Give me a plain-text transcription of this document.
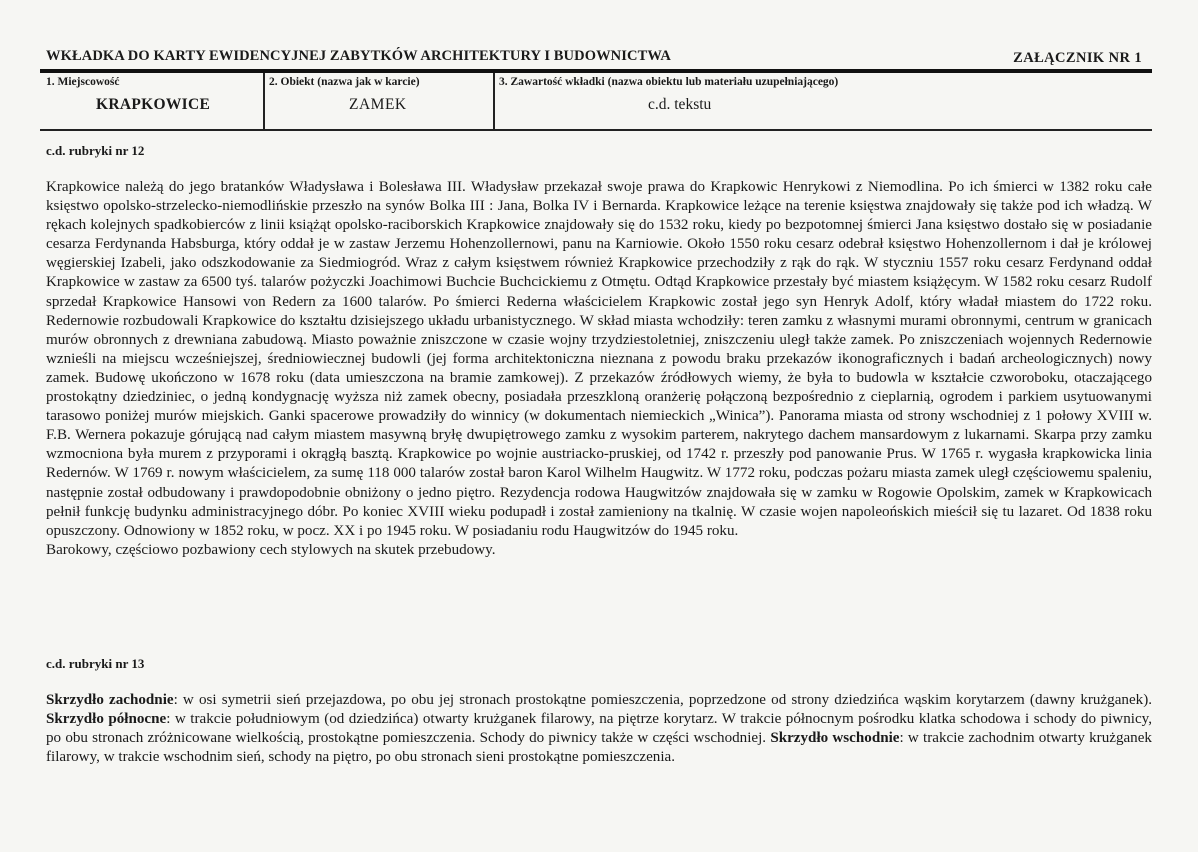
WKŁADKA DO KARTY EWIDENCYJNEJ ZABYTKÓW ARCHITEKTURY I BUDOWNICTWA	ZAŁĄCZNIK NR 1
1. Miejscowość
KRAPKOWICE
2. Obiekt (nazwa jak w karcie)
ZAMEK
3. Zawartość wkładki (nazwa obiektu lub materiału uzupełniającego)
c.d. tekstu
c.d. rubryki nr 12

Krapkowice należą do jego bratanków Władysława i Bolesława III. Władysław przekazał swoje prawa do Krapkowic Henrykowi z Niemodlina. Po ich śmierci w 1382 roku całe księstwo opolsko-strzelecko-niemodlińskie przeszło na synów Bolka III : Jana, Bolka IV i Bernarda. Krapkowice leżące na terenie księstwa znajdowały się także pod ich władzą. W rękach kolejnych spadkobierców z linii książąt opolsko-raciborskich Krapkowice znajdowały się do 1532 roku, kiedy po bezpotomnej śmierci Jana księstwo dostało się w posiadanie cesarza Ferdynanda Habsburga, który oddał je w zastaw Jerzemu Hohenzollernowi, panu na Karniowie. Około 1550 roku cesarz odebrał księstwo Hohenzollernom i dał je królowej węgierskiej Izabeli, jako odszkodowanie za Siedmiogród. Wraz z całym księstwem również Krapkowice przechodziły z rąk do rąk. W styczniu 1557 roku cesarz Ferdynand oddał Krapkowice w zastaw za 6500 tyś. talarów pożyczki Joachimowi Buchcie Buchcickiemu z Otmętu. Odtąd Krapkowice przestały być miastem książęcym. W 1582 roku cesarz Rudolf sprzedał Krapkowice Hansowi von Redern za 1600 talarów. Po śmierci Rederna właścicielem Krapkowic został jego syn Henryk Adolf, który władał miastem do 1722 roku. Redernowie rozbudowali Krapkowice do kształtu dzisiejszego układu urbanistycznego. W skład miasta wchodziły: teren zamku z własnymi murami obronnymi, centrum w granicach murów obronnych z drewniana zabudową. Miasto poważnie zniszczone w czasie wojny trzydziestoletniej, zniszczeniu uległ także zamek. Po zniszczeniach wojennych Redernowie wznieśli na miejscu wcześniejszej, średniowiecznej budowli (jej forma architektoniczna nieznana z powodu braku przekazów ikonograficznych i badań archeologicznych) nowy zamek. Budowę ukończono w 1678 roku (data umieszczona na bramie zamkowej). Z przekazów źródłowych wiemy, że była to budowla w kształcie czworoboku, otaczającego prostokątny dziedziniec, o jedną kondygnację wyższa niż zamek obecny, posiadała przeszkloną oranżerię połączoną bezpośrednio z cieplarnią, ogrodem i parkiem usytuowanymi tarasowo poniżej murów miejskich. Ganki spacerowe prowadziły do winnicy (w dokumentach niemieckich „Winica”). Panorama miasta od strony wschodniej z 1 połowy XVIII w. F.B. Wernera pokazuje górującą nad całym miastem masywną bryłę dwupiętrowego zamku z wysokim parterem, nakrytego dachem mansardowym z lukarnami. Skarpa przy zamku wzmocniona była murem z przyporami i okrągłą basztą. Krapkowice po wojnie austriacko-pruskiej, od 1742 r. przeszły pod panowanie Prus. W 1765 r. wygasła krapkowicka linia Redernów. W 1769 r. nowym właścicielem, za sumę 118 000 talarów został baron Karol Wilhelm Haugwitz. W 1772 roku, podczas pożaru miasta zamek uległ częściowemu spaleniu, następnie został odbudowany i prawdopodobnie obniżony o jedno piętro. Rezydencja rodowa Haugwitzów znajdowała się w zamku w Rogowie Opolskim, zamek w Krapkowicach pełnił funkcję budynku administracyjnego dóbr. Po koniec XVIII wieku podupadł i został zamieniony na tkalnię. W czasie wojen napoleońskich mieścił się tu lazaret. Od 1838 roku opuszczony. Odnowiony w 1852 roku, w pocz. XX i po 1945 roku. W posiadaniu rodu Haugwitzów do 1945 roku.

Barokowy, częściowo pozbawiony cech stylowych na skutek przebudowy.

c.d. rubryki nr 13

Skrzydło zachodnie: w osi symetrii sień przejazdowa, po obu jej stronach prostokątne pomieszczenia, poprzedzone od strony dziedzińca wąskim korytarzem (dawny krużganek). Skrzydło północne: w trakcie południowym (od dziedzińca) otwarty krużganek filarowy, na piętrze korytarz. W trakcie północnym pośrodku klatka schodowa i schody do piwnicy, po obu stronach zróżnicowane wielkością, prostokątne pomieszczenia. Schody do piwnicy także w części wschodniej. Skrzydło wschodnie: w trakcie zachodnim otwarty krużganek filarowy, w trakcie wschodnim sień, schody na piętro, po obu stronach sieni prostokątne pomieszczenia.
